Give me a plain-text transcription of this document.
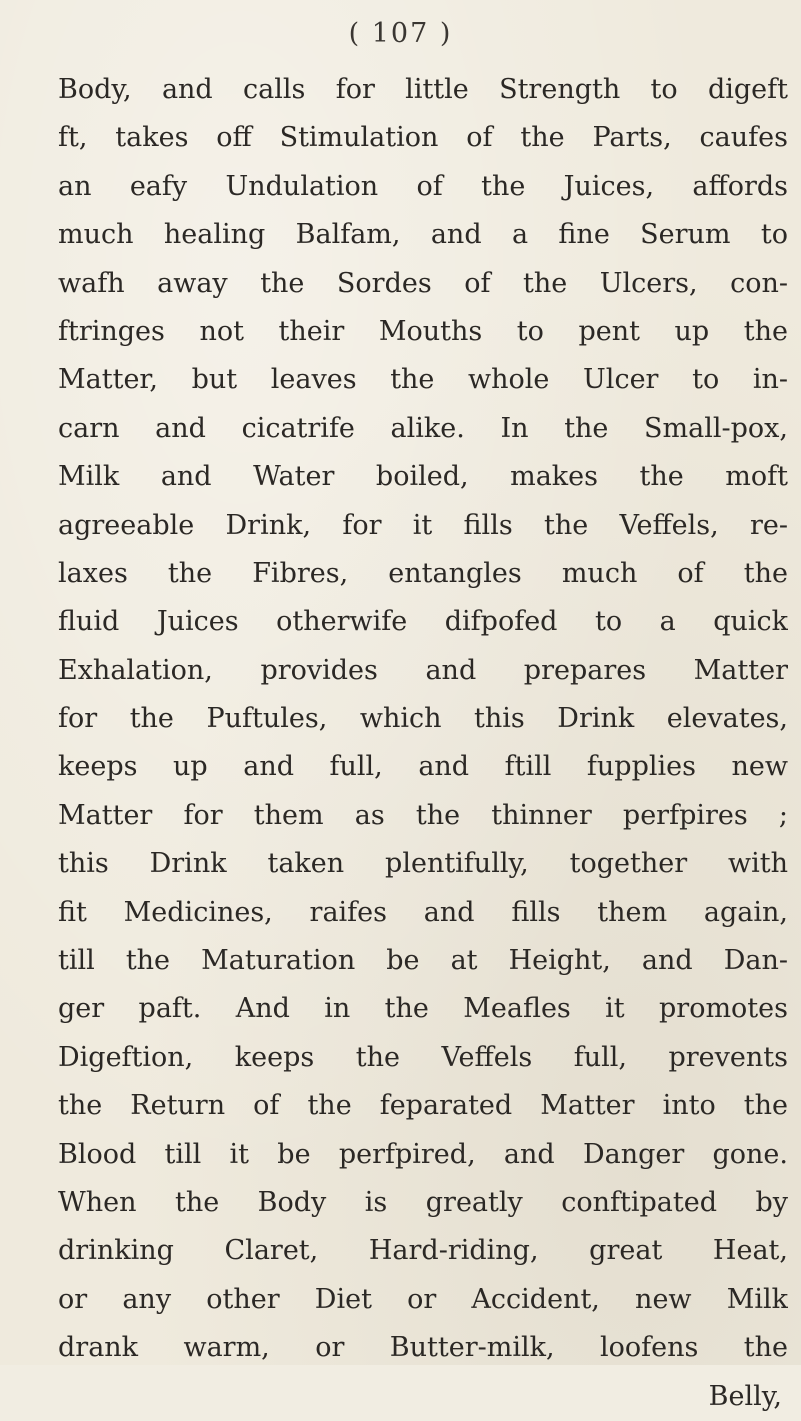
( 107 )
Body, and calls for little Strength to digeft
ft, takes off Stimulation of the Parts, caufes
an eafy Undulation of the Juices, affords
much healing Balfam, and a fine Serum to
wafh away the Sordes of the Ulcers, con-
ftringes not their Mouths to pent up the
Matter, but leaves the whole Ulcer to in-
carn and cicatrife alike. In the Small-pox,
Milk and Water boiled, makes the moft
agreeable Drink, for it fills the Veffels, re-
laxes the Fibres, entangles much of the
fluid Juices otherwife difpofed to a quick
Exhalation, provides and prepares Matter
for the Puftules, which this Drink elevates,
keeps up and full, and ftill fupplies new
Matter for them as the thinner perfpires ;
this Drink taken plentifully, together with
fit Medicines, raifes and fills them again,
till the Maturation be at Height, and Dan-
ger paft. And in the Meafles it promotes
Digeftion, keeps the Veffels full, prevents
the Return of the feparated Matter into the
Blood till it be perfpired, and Danger gone.
When the Body is greatly conftipated by
drinking Claret, Hard-riding, great Heat,
or any other Diet or Accident, new Milk
drank warm, or Butter-milk, loofens the
Belly,
